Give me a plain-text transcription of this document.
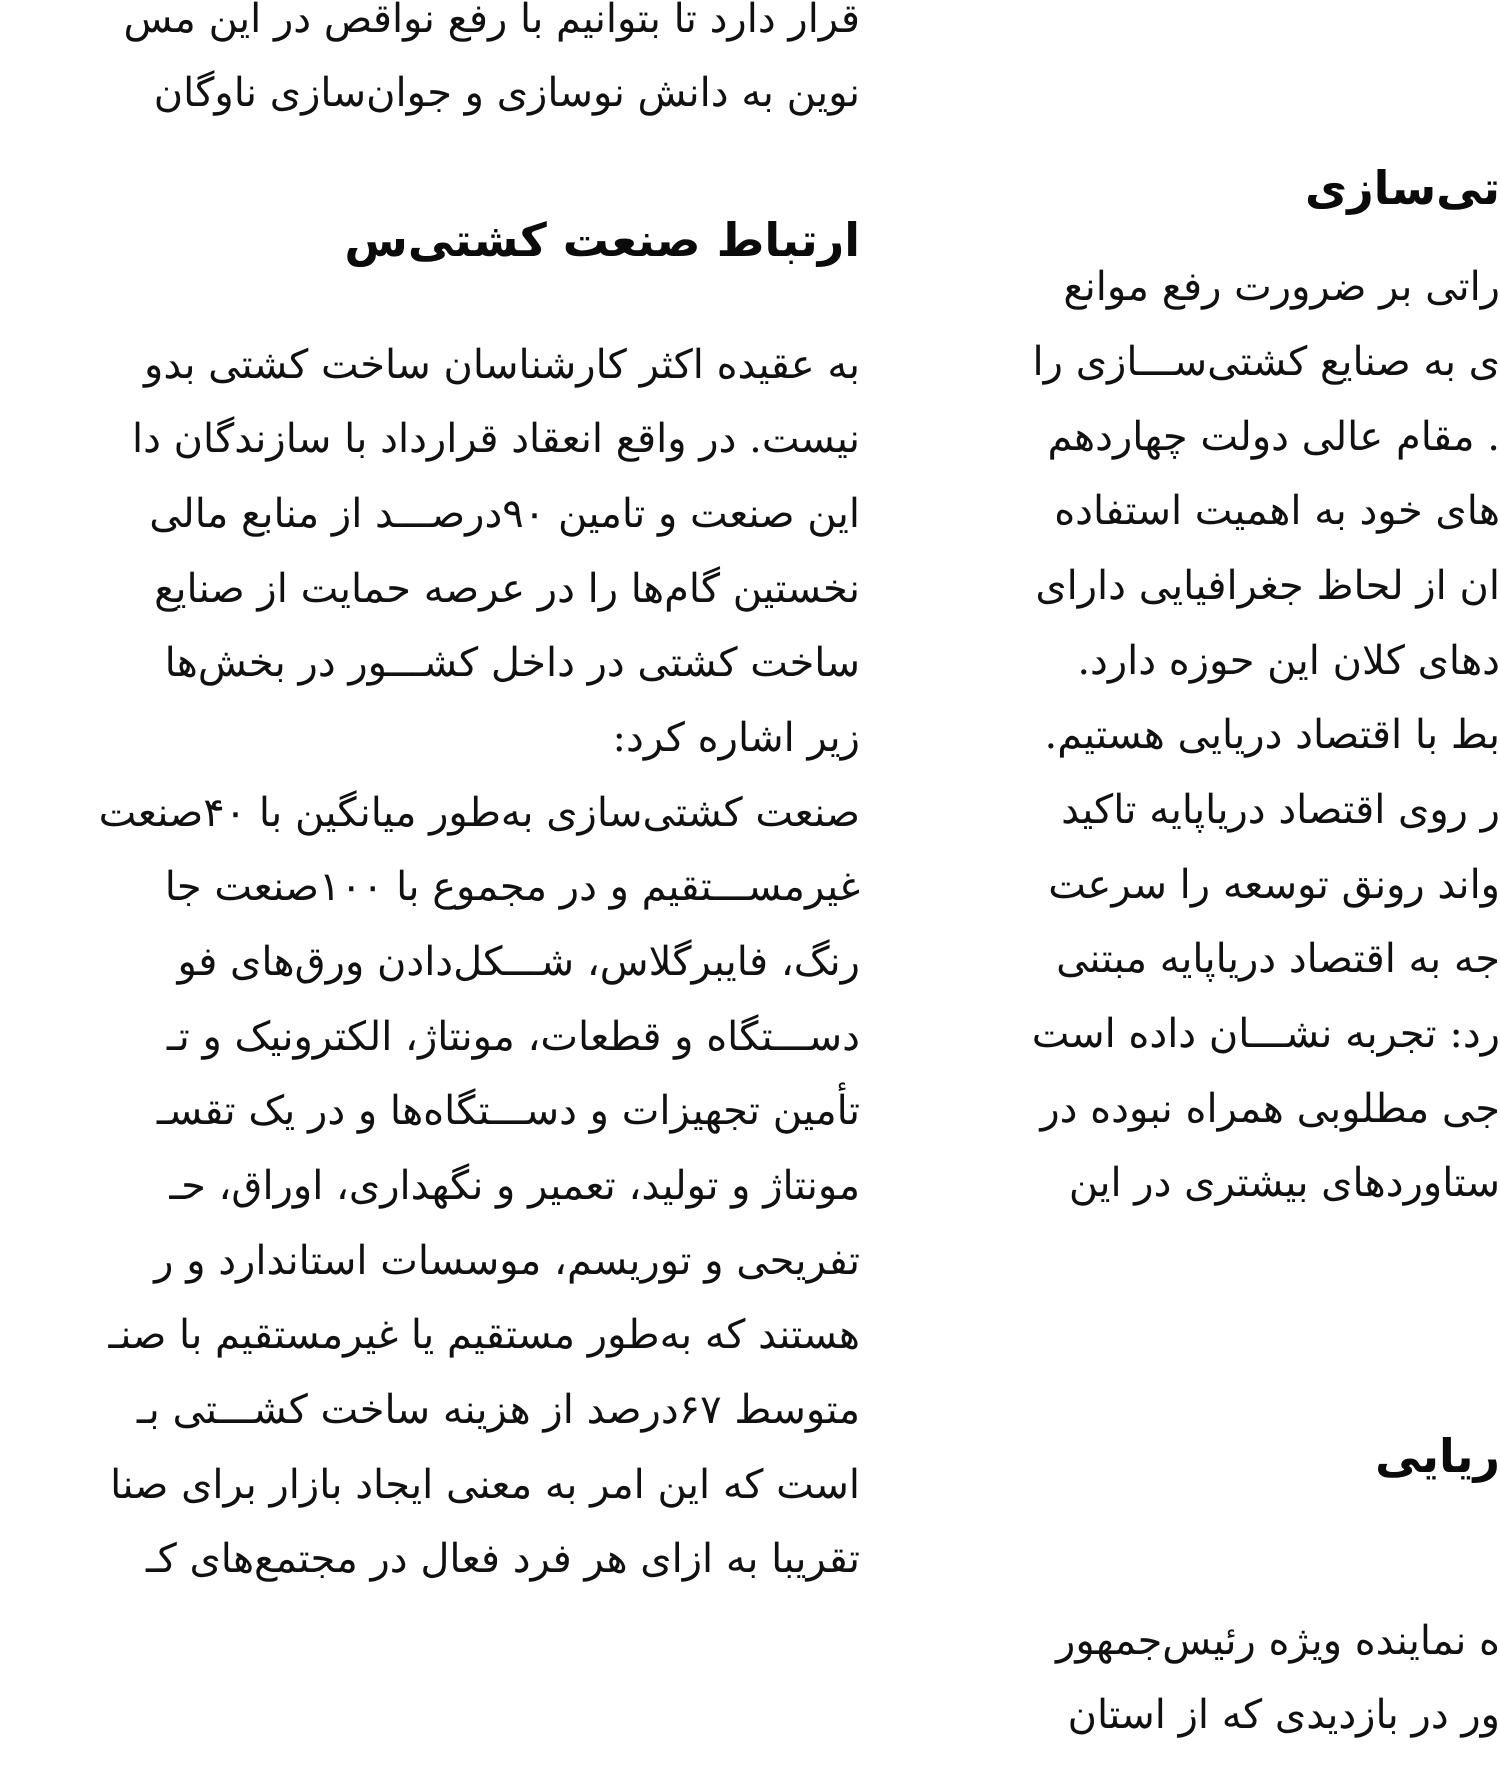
قرار دارد تا بتوانیم با رفع نواقص در این مس
نوین به دانش نوسازی و جوان‌سازی ناوگان
ارتباط صنعت کشتی‌س
به عقیده اکثر کارشناسان ساخت کشتی بدو
نیست. در واقع انعقاد قرارداد با سازندگان دا
این صنعت و تامین ۹۰درصـــد از منابع مالی
نخستین گام‌ها را در عرصه حمایت از صنایع
ساخت کشتی در داخل کشـــور در بخش‌ها
زیر اشاره کرد:
صنعت کشتی‌سازی به‌طور میانگین با ۴۰صنعت
غیرمســـتقیم و در مجموع با ۱۰۰صنعت جا
رنگ، فایبرگلاس، شـــکل‌دادن ورق‌های فو
دســـتگاه و قطعات، مونتاژ، الکترونیک و تـ
تأمین تجهیزات و دســـتگاه‌ها و در یک تقسـ
مونتاژ و تولید، تعمیر و نگهداری، اوراق، حـ
تفریحی و توریسم، موسسات استاندارد و ر
هستند که به‌طور مستقیم یا غیرمستقیم با صنـ
متوسط ۶۷درصد از هزینه ساخت کشـــتی بـ
است که این امر به معنی ایجاد بازار برای صنا
تقریبا به ازای هر فرد فعال در مجتمع‌های کـ
تی‌سازی
راتی بر ضرورت رفع موانع
ی به صنایع کشتی‌ســـازی را
. مقام عالی دولت چهاردهم
های خود به اهمیت استفاده
ان از لحاظ جغرافیایی دارای
دهای کلان این حوزه دارد.
بط با اقتصاد دریایی هستیم.
ر روی اقتصاد دریاپایه تاکید
واند رونق توسعه را سرعت
جه به اقتصاد دریاپایه مبتنی
رد: تجربه نشـــان داده است
جی مطلوبی همراه نبوده در
ستاوردهای بیشتری در این
ریایی
ه نماینده ویژه رئیس‌جمهور
ور در بازدیدی که از استان
